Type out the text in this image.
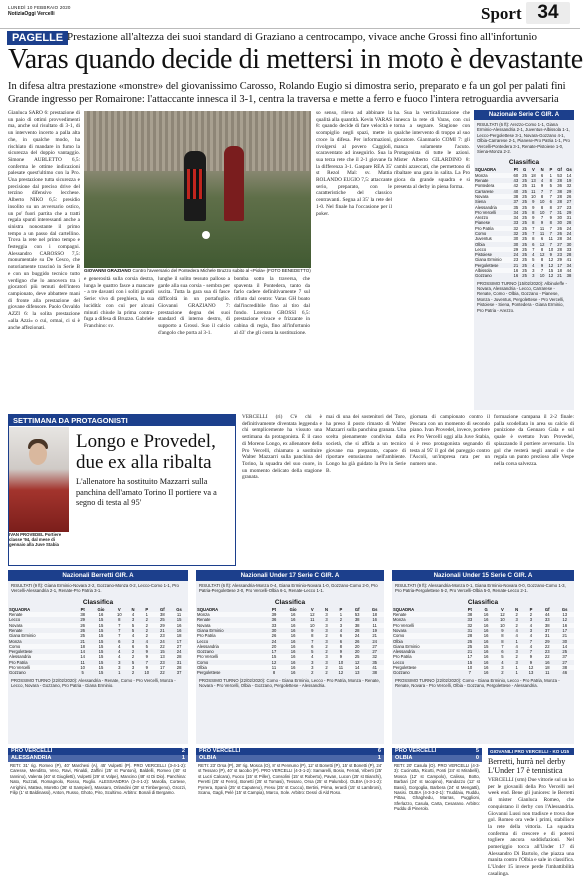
LUNEDÌ 10 FEBBRAIO 2020
NotiziaOggi Vercelli	Sport 34
PAGELLE Prestazione all'altezza dei suoi standard di Graziano a centrocampo, vivace anche Grossi fino all'infortunio
Varas quando decide di mettersi in moto è devastante
In difesa altra prestazione «monstre» del giovanissimo Carosso, Rolando Eugio si dimostra serio, preparato e fa un gol per palati fini Grande ingresso per Romairone: l'attaccante innesca il 3-1, centra la traversa e mette a ferro e fuoco l'intera retroguardia avversaria
Gianluca SARO 6: prestazione di un paio di ottimi provvedimenti ma, anche sul risultato di 3-1, di un intervento incerto a palla alta che, in qualche modo, ha rischiato di mandare in fumo la sicurezza del doppio vantaggio. Simone AUBLETTO 6,5: conferma le ottime indicazioni palesate quest'ultimo con la Pro. Una prestazione tutta sicurezza e precisione dal preciso drive del terzino difensivo lecchese. Alberto NIKO 6,5: presidio insolito su un avversario ostico, un po' fuori partita che a tratti regala spunti interessanti anche a sinistra nonostante il primo tempo a un passo dal cartellino. Trova la rete nel primo tempo e festeggia con i compagni. Alessandro CAROSSO 7,5: monumentale su De Cesco, che notoriamente trascinò in Serie B e con un buggido tecnico tutto verdigno che lo annovera tra i giocatori più temuti dell'intero campionato, deve abbattere mani di fronte alla prestazione del giovane difensore. Paolo Osvaldo AZZI 6: la solita prestazione «alla Azzi» o cui, ormai, ci si è anche affezionati.
GIOVANNI GRAZIANO Contro l'avversario del Pontedera Michele Bruzzo subito al «Piola» (FOTO BENEDETTO)
e generosità sulla corsia destra, lunga le quattro fasce a mancare - a tre davanti con i soliti grandi Serie: vivo di preghiera, la sua lucidità: con cui per alcuni minuti chiude la prima contra-fuga a difesa di Bruzzo. Gabriele Franchino: sv.
lunghe il solito tessuto palloso a garde alla sua corsia - sembra per uscita. Tutta la gara sua di fasce difficoltà in un portafoglio. Giovanni GRAZIANO 7: prestazione degna dei suoi standard di interno destro, di supporto a Grossi. Suo il calcio d'angolo che porta al 3-1.
bomba sotto la traversa, che spaventa il Pontedera, tanto da farlo cadere definitivamente 7 sul rifiuto dal centro: Varas GH boato dall'incredibile fino al tiro dal fondo. Lorenzo GROSSI 6,5: prestazione vivace e frizzante in cabina di regia, fino all'infortunio al 43' che gli costa la sostituzione.
so senso, rileva ad abbinare la qualità alla quantità. Kevin VARAS 8: quando decide di fare velocità e scompiglio negli spazi, mette in croce la difesa. Per informazioni, rivolgersi al povero Caggioli, scaraventato ad inseguirlo. Sua la sua terza rete che il 2-1 giovane fa la differenza 3-1. Gaspare REA 35' st Rezol Mal: sv. Mattia ROLANDO EUGIO 7,5: attaccante serio, preparato, con le caratteristiche del classico centravanti. Segna al 35' la rete del 1-0. Nel finale ha l'occasione per il poker.
ha. Sua la verticalizzazione che innesca la rete di Varas, con cui torna a segnare. Stagione con qualche intervento di troppo al suo giocatore. Gianmario COMI 7: gli manca solamente l'acuto. Protagonista di tutte le azioni. Mister Alberto GILARDINO 8: cambi azzeccati, che permettono di ribaltare una gara in salita. La Pro gioca da grande squadra e si presenta al derby in piena forma.
Nazionale Serie C GIR. A
RISULTATI (6 ft): Arezzo-Como 1-1, Giana Erminio-Alessandria 2-1, Juventus-Albissola 1-1, Lecco-Pergolettese 3-1, Novara-Gozzano 4-1, Olbia-Carrarese 2-1, Pianese-Pro Patria 1-1, Pro Vercelli-Pontedera 3-1, Renate-Pistoiese 1-0, Siena-Monza 2-2.
Classifica
SQUADRA	Pt	G	V	N	P	Gf	Gs
Monza	60	25	18	6	1	53	14
Renate	43	25	13	4	8	28	19
Pontedera	42	25	11	9	5	36	32
Carrarese	40	25	11	7	7	38	29
Novara	38	25	10	8	7	28	26
Siena	37	25	9	10	6	28	27
Alessandria	35	25	9	8	8	27	23
Pro Vercelli	34	25	8	10	7	31	29
Arezzo	34	25	9	7	9	30	31
Pianese	33	25	8	9	8	30	28
Pro Patria	32	25	7	11	7	26	24
Como	32	25	7	11	7	26	24
Juventus	30	25	8	6	11	28	34
Olbia	30	25	6	12	7	27	30
Lecco	29	25	7	8	10	28	33
Pistoiese	24	25	4	12	9	23	28
Giana Erminio	23	25	5	8	12	29	41
Pergolettese	21	25	4	9	12	17	34
Albissola	16	25	3	7	15	18	44
Gozzano	16	25	3	10	12	21	38
PROSSIMO TURNO (15/02/2020): Albinoleffe - Novara, Alessandria - Lecco, Carrarese - Renate, Como - Olbia, Gozzano - Pianese, Monza - Juventus, Pergolettese - Pro Vercelli, Pistoiese - Siena, Pontedera - Giana Erminio, Pro Patria - Arezzo.
SETTIMANA DA PROTAGONISTI
IVAN PROVEDEL Portiere classe '94, dal mese di gennaio alla Juve Stabia
Longo e Provedel, due ex alla ribalta
L'allenatore ha sostituito Mazzarri sulla panchina dell'amato Torino Il portiere va a segno di testa al 95'
VERCELLI (ri) C'è chi è definitivamente diventata leggenda e chi semplicemente ha vissuto una settimana da protagonista. È il caso di Moreno Longo, ex allenatore della Pro Vercelli, chiamato a sostituire Walter Mazzarri sulla panchina del Torino, la squadra del suo cuore, in un momento delicato della stagione granata.
mai di una dei sostenitori del Toro, ha preso il posto rimasto di Walter Mazzarri sulla panchina granata. Una scelta pienamente condivisa dalla società, che si affida a un tecnico giovane ma preparato, capace di riportare entusiasmo nell'ambiente. Longo ha già guidato la Pro in Serie B.
giornata di campionato contro il Pescara con un momento di secondo piano. Ivan Provedel, invece, portiere ex Pro Vercelli oggi alla Juve Stabia, si è reso protagonista segnando di testa al 95' il gol del pareggio contro l'Ascoli, un'impresa rara per un numero uno.
formazione campana il 2-2 finale: palla scodellata in area su calcio di punizione da Gennaro Gala e sul quale è svettato Ivan Provedel, spiazzando il portiere avversario. Un gol che resterà negli annali e che regala un punto prezioso alle Vespe nella corsa salvezza.
Nazionali Berretti GIR. A
RISULTATI (9 ft): Giana Erminio-Novara 2-2, Gozzano-Monza 0-2, Lecco-Como 1-1, Pro Vercelli-Alessandria 2-1, Renate-Pro Patria 3-1.
Classifica
SQUADRA	Pt	Gio	V	N	P	Gf	Gs
Renate	38	16	10	4	1	38	11
Lecco	29	15	8	3	2	25	15
Novara	26	15	7	5	2	29	16
Renate	26	15	7	5	2	21	16
Giana Erminio	25	15	7	4	2	23	18
Monza	21	15	6	3	4	24	17
Como	18	15	4	6	5	22	27
Pergolettese	14	15	4	2	9	15	24
Alessandria	14	15	4	2	9	13	28
Pro Patria	11	15	3	5	7	23	31
Pro Vercelli	10	15	3	3	9	17	28
Gozzano	5	15	1	2	10	22	37
PROSSIMO TURNO (22/02/2020): Alessandria - Renate, Como - Pro Vercelli, Monza - Lecco, Novara - Gozzano, Pro Patria - Giana Erminio.
Nazionali Under 17 Serie C GIR. A
RISULTATI (6 ft): Alessandria-Monza 0-4, Giana Erminio-Novara 1-0, Gozzano-Como 2-0, Pro Patria-Pergolettese 2-0, Pro Vercelli-Olbia 6-1, Renate-Lecco 1-1.
Classifica
SQUADRA	Pt	Gio	V	N	P	Gf	Gs
Monza	39	16	12	3	1	53	18
Renate	36	16	11	3	2	38	16
Novara	33	16	10	3	3	38	11
Giana Erminio	30	16	9	3	4	28	19
Pro Patria	26	16	8	2	6	24	21
Lecco	24	16	7	3	6	26	24
Alessandria	20	16	6	2	8	20	27
Gozzano	17	16	5	2	9	20	27
Pro Vercelli	15	16	4	3	9	25	32
Como	12	16	3	3	10	12	35
Olbia	11	16	3	2	11	14	41
Pergolettese	8	16	2	2	12	13	38
PROSSIMO TURNO (22/02/2020): Como - Giana Erminio, Lecco - Pro Patria, Monza - Renate, Novara - Pro Vercelli, Olbia - Gozzano, Pergolettese - Alessandria.
Nazionali Under 15 Serie C GIR. A
RISULTATI (9 ft): Alessandria-Monza 0-1, Giana Erminio-Novara 0-0, Gozzano-Como 1-3, Pro Patria-Pergolettese 5-2, Pro Vercelli-Olbia 5-0, Renate-Lecco 2-1.
Classifica
SQUADRA	Pt	G	V	N	P	Gf	Gs
Renate	38	16	12	2	2	44	13
Monza	33	16	10	3	3	33	12
Pro Vercelli	32	16	10	2	4	38	16
Novara	31	16	9	4	3	37	17
Como	28	16	8	4	4	31	21
Olbia	25	16	8	1	7	29	30
Giana Erminio	25	15	7	4	4	22	14
Alessandria	21	16	6	3	7	23	25
Pro Patria	17	16	5	2	9	22	37
Lecco	15	16	4	3	9	16	27
Pergolettese	10	16	3	1	12	18	38
Gozzano	7	16	2	1	13	11	46
PROSSIMO TURNO (22/02/2020): Como - Giana Erminio, Lecco - Pro Patria, Monza - Renate, Novara - Pro Vercelli, Olbia - Gozzano, Pergolettese - Alessandria.
PRO VERCELLI	2
ALESSANDRIA	1
RETI: 31' rig. Romeo (P), 40' Marchesi (A), 45' Vulpetti (P). PRO VERCELLI (3-4-1-2): Caresse, Menditto, Vero, Ravi, Rinaldi, Zaffini (25' st Puntoni), Baldelli, Romeo (40' st Iannino), Valenta (40' st Giuglietti), Vulpetti (29' st Volpe), Mancino (48' st Di Dio). Panchina: Nato, Ruzzati, Romagnolo, Rosso, Ruglio. ALESSANDRIA (3-4-1-2): Marolla, Cortese, Arrighini, Mattea, Moretto (36' st Sampieri), Massaro, Orlandini (28' st Timbergeno), Grozzi, Filip (1' st Baldinassi), Anton, Russo, Ghoto, Piro, Scultimo. Arbitro: Bonali di Bergamo.
PRO VERCELLI	6
OLBIA	1
RETI: 23' Orsa (P), 28' rig. Mosca (O), 8' st Pennuno (P), 12' st Bonetti (P), 15' st Bonetti (P), 24' st Tessaro (P), 40' st Iacobo (P). PRO VERCELLI (4-3-1-2): Samarelli, Bosio, Ferrati, Viberti (25' st Lucri Calcara), Fuoco (15' st Piller), Consolini (15' st Roberto), Pavan, Lucon (25' st Bianchi), Peretti (25' st Ferro), Bonetti (25' st Tomasi), Tessaro, Orsa (25' st Palumbo). OLBIA (4-3-1-2): Pyrrera, Spanò (25' st Caputeno), Fresu (25' st Cuccu), Bertini, Prima, Ierardi (15' st Lambroni), Scanu, Gagli, Pelè (15' st Campia), Marco, Sole. Arbitro: Dessì di Ald Roso.
PRO VERCELLI	5
OLBIA	0
RETI: 20' Casula (O). PRO VERCELLI (4-3-3): Cucinotta, Ricotti, Ponti (24' st Mirabelli), Mosca (12' st Campolo), Calisso, Botto, Barbari (24' st Iacopino), Randazzo (12' st Bassi), Gorgoglia, Barbera (24' st Mengatti), Nasisi. OLBIA (4-3-3-2-1): Truddaiu, Ruddu, Pittau, Ghaghedu, Marras, Pugglioni, Sferlazzo, Casula, Carta, Cesarano. Arbitro: Puddu di Pinerolo.
GIOVANILI PRO VERCELLI - KO U15
Berretti, hurrà nel derby L'Under 17 è tennistica
VERCELLI (srm) Due vittorie sul un ko per le giovanili della Pro Vercelli nel week end. Bene gli juniores: le Berretti di mister Gianluca Romeo, che conquistano il derby con l'Alessandria. Giovanni Lussi non tradisce e trova due gol. Romeo ora vede i primi, stabilisce la rete della vittoria. La squadra conferma di crescere e di potersi togliere ancora soddisfazioni. Nel pomeriggio tocca all'Under 17 di Alessandro Di Bartolo, che piazza una manita contro l'Olbia e sale in classifica. L'Under 15 invece perde l'imbattibilità casalinga.
